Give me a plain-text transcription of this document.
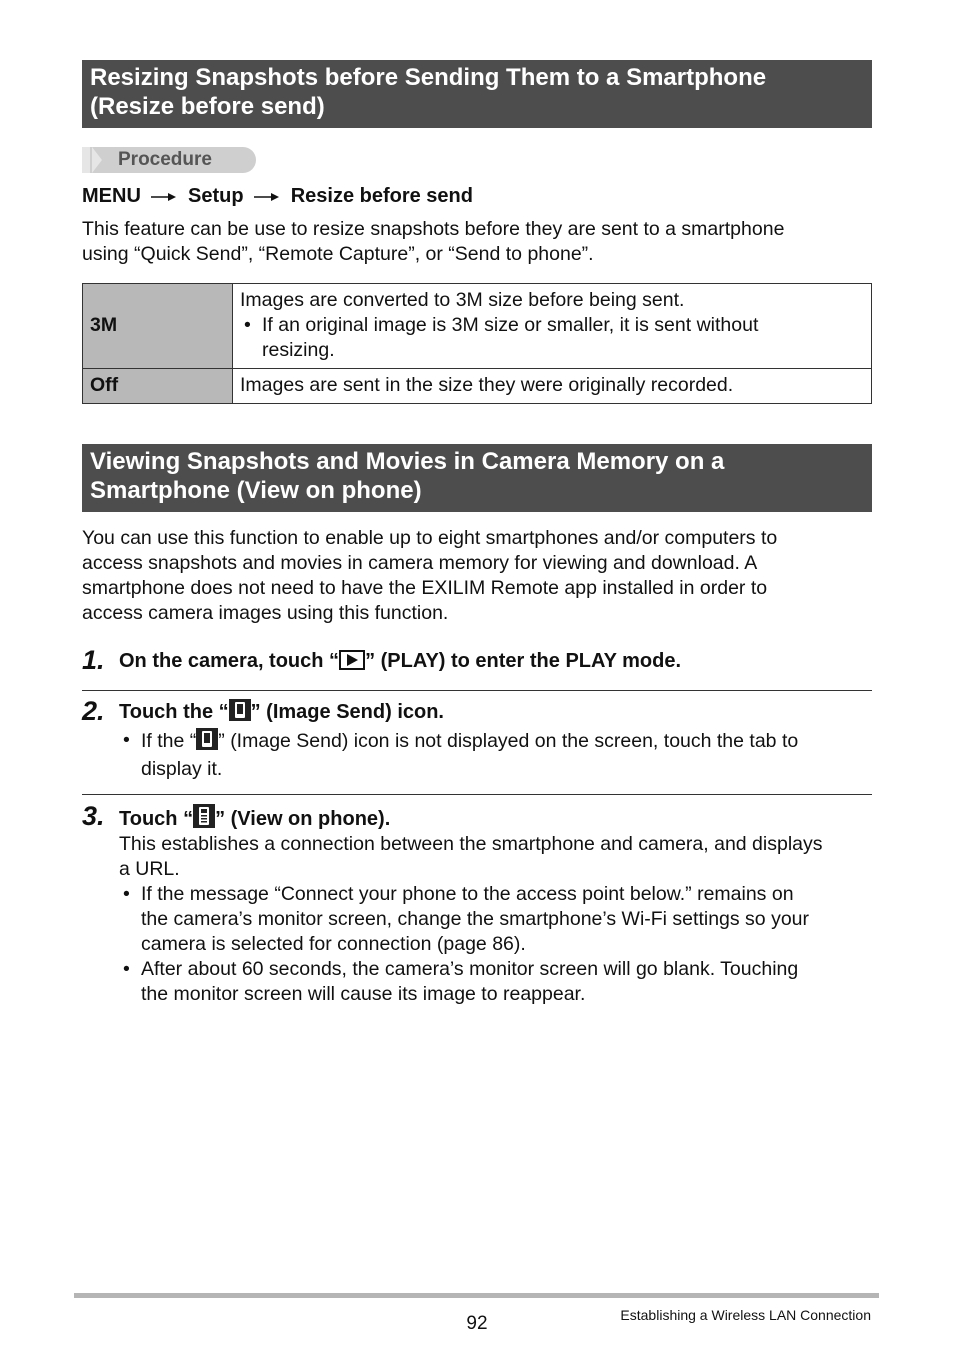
Resizing Snapshots before Sending Them to a Smartphone
(Resize before send)
Procedure
MENU Setup Resize before send
This feature can be use to resize snapshots before they are sent to a smartphone
using “Quick Send”, “Remote Capture”, or “Send to phone”.
3M	Images are converted to 3M size before being sent.
• If an original image is 3M size or smaller, it is sent without
resizing.

Off	Images are sent in the size they were originally recorded.
Viewing Snapshots and Movies in Camera Memory on a
Smartphone (View on phone)
You can use this function to enable up to eight smartphones and/or computers to
access snapshots and movies in camera memory for viewing and download. A
smartphone does not need to have the EXILIM Remote app installed in order to
access camera images using this function.
1. On the camera, touch “ ” (PLAY) to enter the PLAY mode.
2. Touch the “ ” (Image Send) icon.
• If the “ ” (Image Send) icon is not displayed on the screen, touch the tab to
display it.
3. Touch “ ” (View on phone).
This establishes a connection between the smartphone and camera, and displays
a URL.
• If the message “Connect your phone to the access point below.” remains on
the camera’s monitor screen, change the smartphone’s Wi-Fi settings so your
camera is selected for connection (page 86).
• After about 60 seconds, the camera’s monitor screen will go blank. Touching
the monitor screen will cause its image to reappear.
92	Establishing a Wireless LAN Connection
